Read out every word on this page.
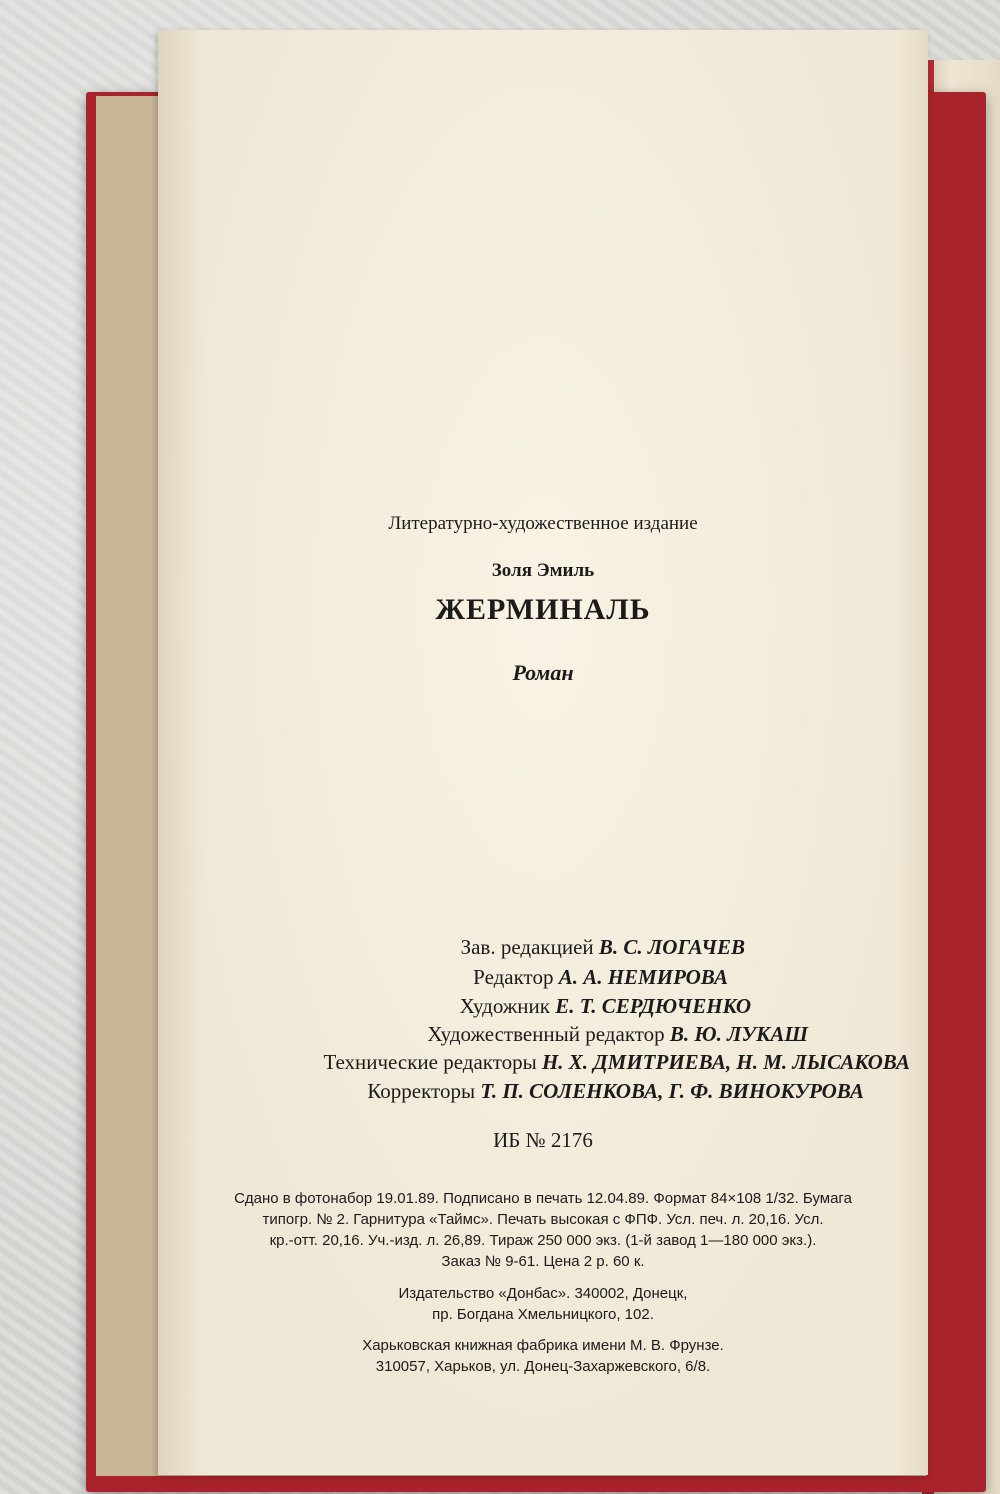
Литературно-художественное издание

Золя Эмиль

ЖЕРМИНАЛЬ

Роман

Зав. редакцией В. С. ЛОГАЧЕВ

Редактор А. А. НЕМИРОВА

Художник Е. Т. СЕРДЮЧЕНКО

Художественный редактор В. Ю. ЛУКАШ

Технические редакторы Н. Х. ДМИТРИЕВА, Н. М. ЛЫСАКОВА

Корректоры Т. П. СОЛЕНКОВА, Г. Ф. ВИНОКУРОВА

ИБ № 2176

Сдано в фотонабор 19.01.89. Подписано в печать 12.04.89. Формат 84×108 1/32. Бумага

типогр. № 2. Гарнитура «Таймс». Печать высокая с ФПФ. Усл. печ. л. 20,16. Усл.

кр.-отт. 20,16. Уч.-изд. л. 26,89. Тираж 250 000 экз. (1-й завод 1—180 000 экз.).

Заказ № 9-61. Цена 2 р. 60 к.

Издательство «Донбас». 340002, Донецк,

пр. Богдана Хмельницкого, 102.

Харьковская книжная фабрика имени М. В. Фрунзе.

310057, Харьков, ул. Донец-Захаржевского, 6/8.
